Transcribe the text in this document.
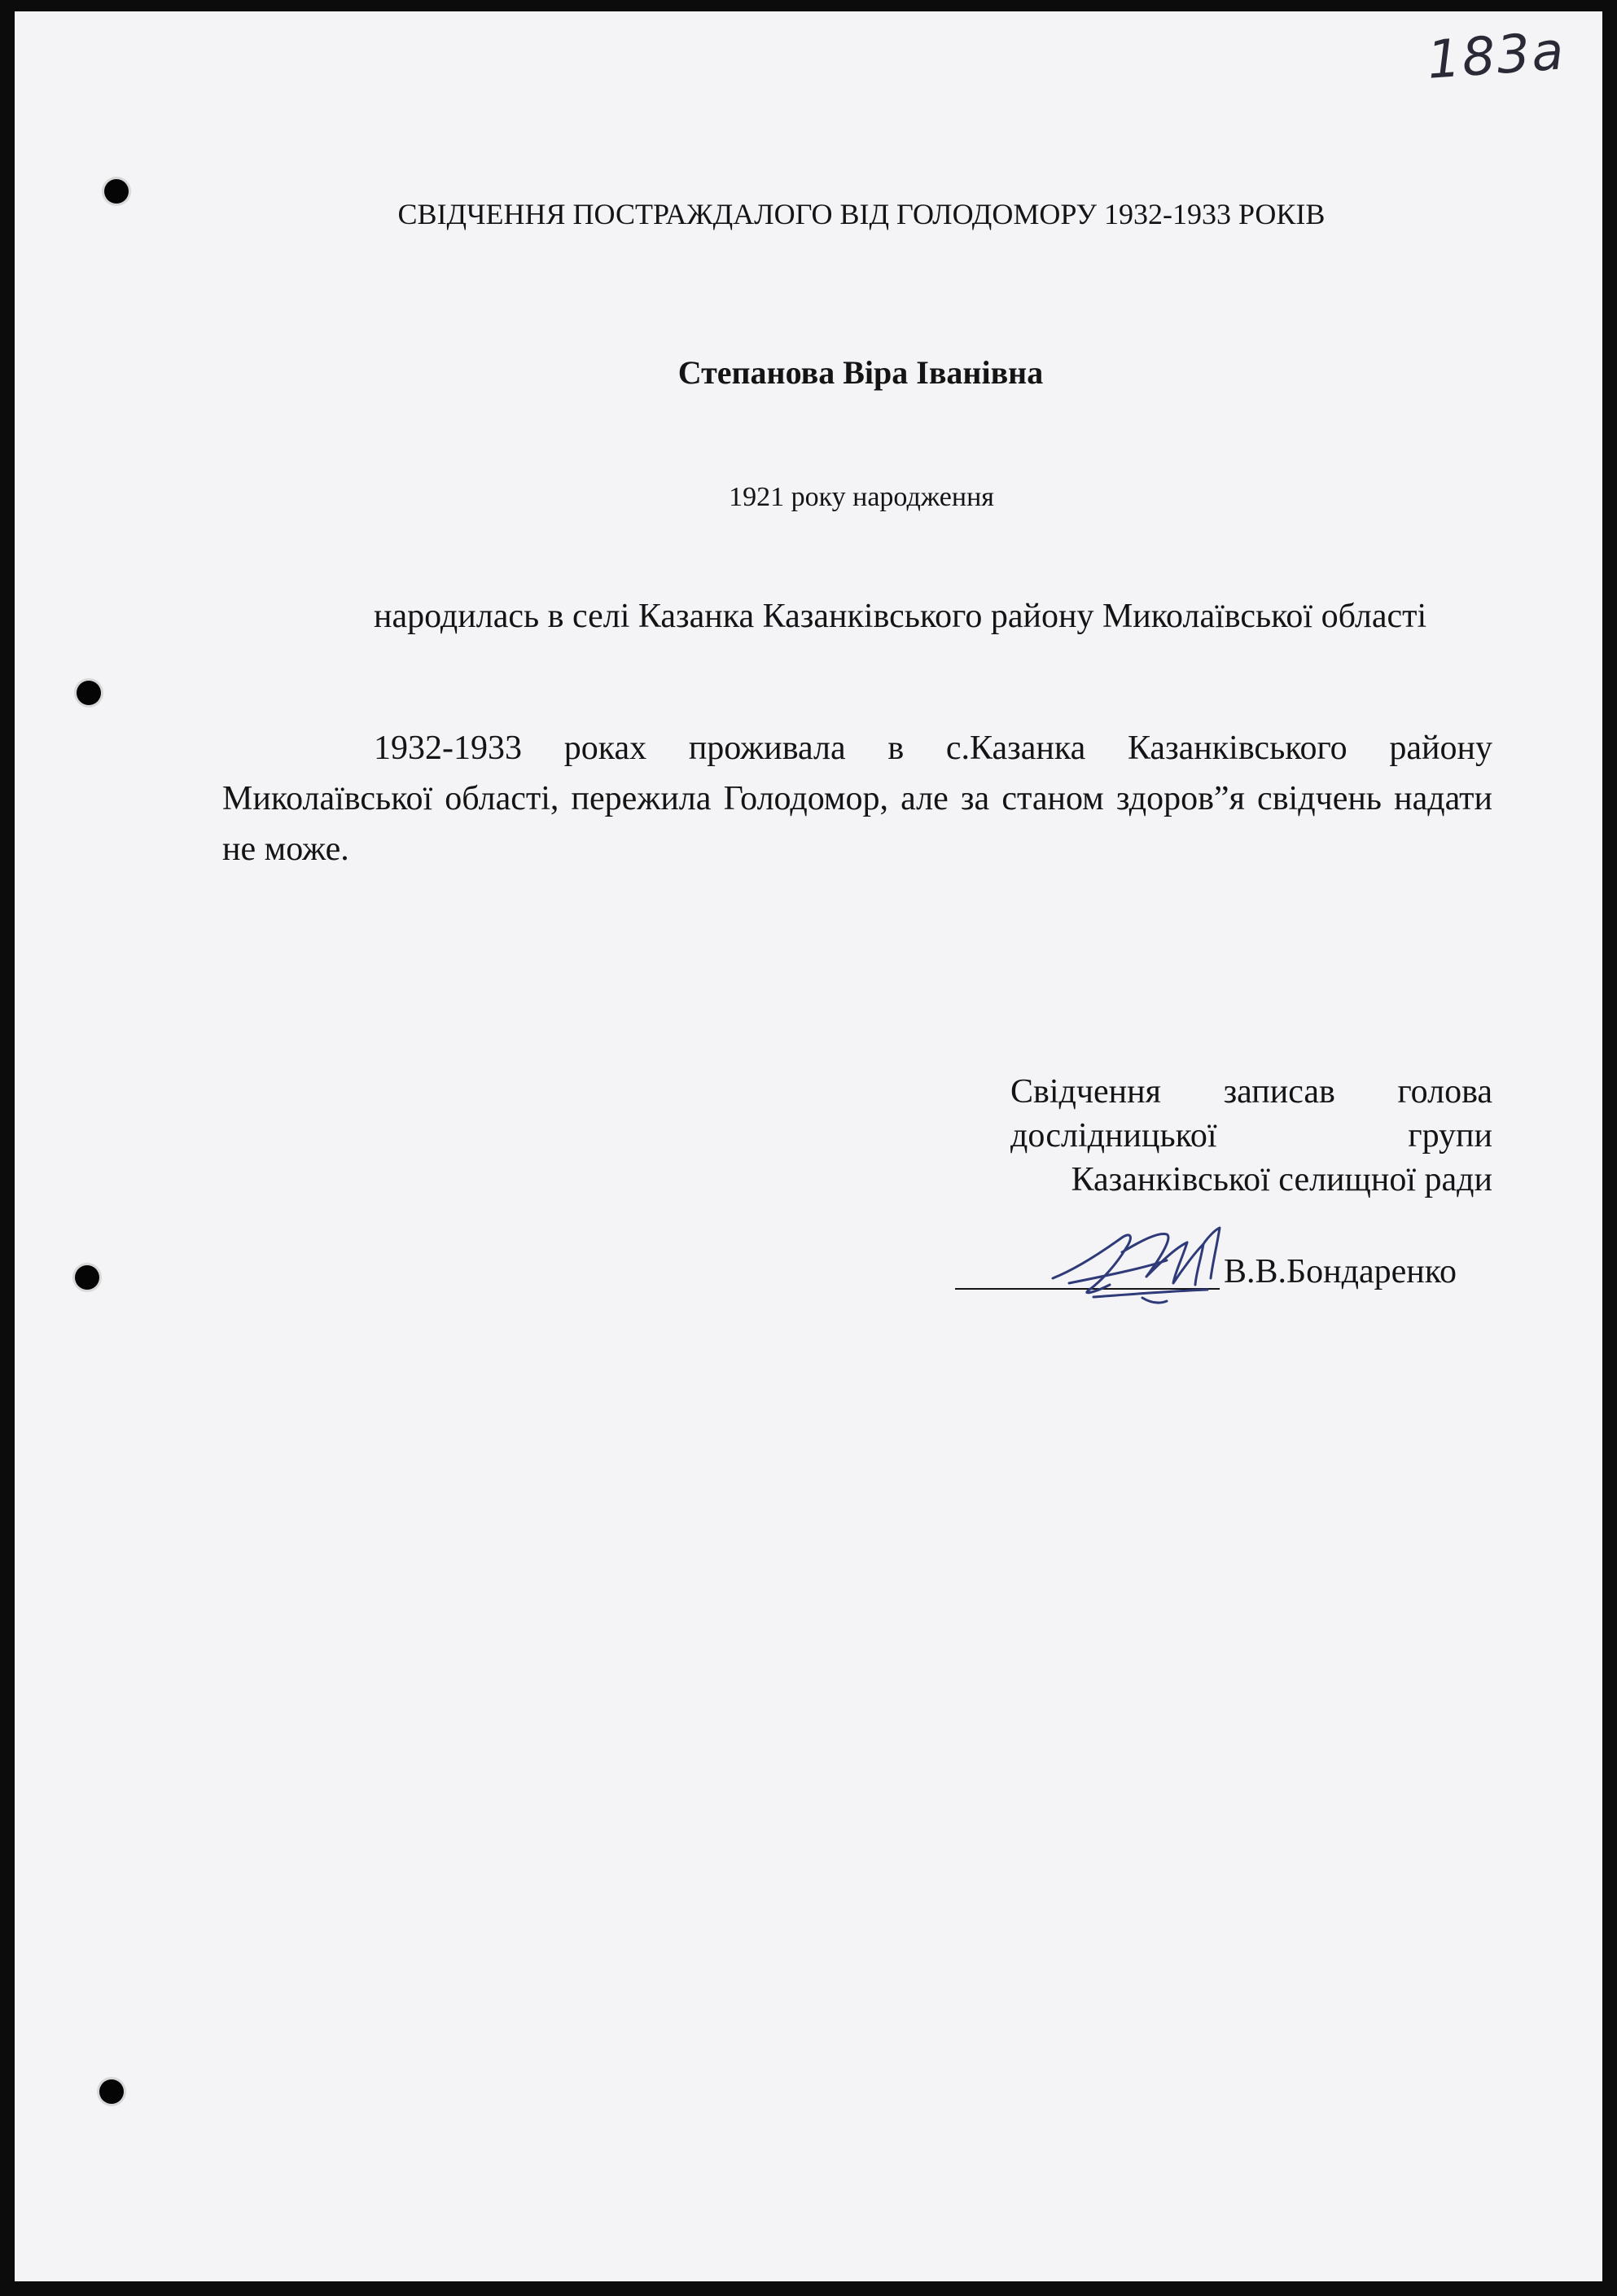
183a
СВІДЧЕННЯ ПОСТРАЖДАЛОГО ВІД ГОЛОДОМОРУ 1932-1933 РОКІВ
Степанова Віра Іванівна
1921 року народження
народилась в селі Казанка Казанківського району Миколаївської області
1932-1933 роках проживала в с.Казанка Казанківського району Миколаївської області, пережила Голодомор, але за станом здоров”я свідчень надати не може.
Свідчення записав голова
дослідницької групи
Казанківської селищної ради
В.В.Бондаренко
